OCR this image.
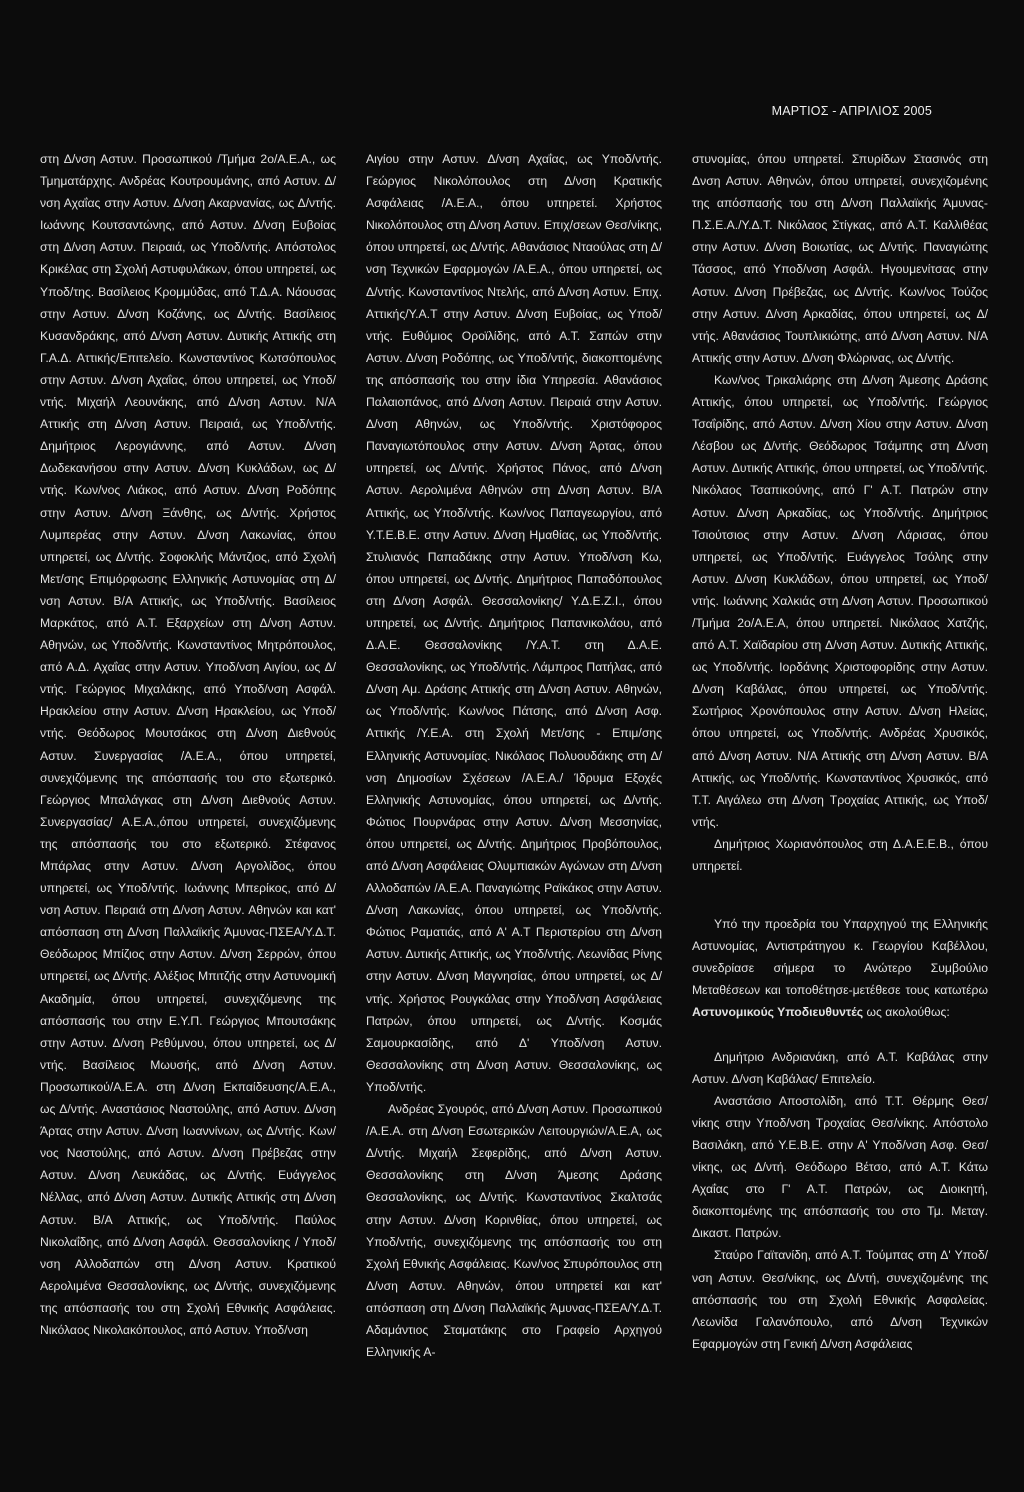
ΜΑΡΤΙΟΣ - ΑΠΡΙΛΙΟΣ 2005

στη Δ/νση Αστυν. Προσωπικού /Τμήμα 2ο/Α.Ε.Α., ως Τμηματάρχης. Ανδρέας Κουτρουμάνης, από Αστυν. Δ/νση Αχαΐας στην Αστυν. Δ/νση Ακαρνανίας, ως Δ/ντής. Ιωάννης Κουτσαντώνης, από Αστυν. Δ/νση Ευβοίας στη Δ/νση Αστυν. Πειραιά, ως Υποδ/ντής. Απόστολος Κρικέλας στη Σχολή Αστυφυλάκων, όπου υπηρετεί, ως Υποδ/της. Βασίλειος Κρομμύδας, από Τ.Δ.Α. Νάουσας στην Αστυν. Δ/νση Κοζάνης, ως Δ/ντής. Βασίλειος Κυσανδράκης, από Δ/νση Αστυν. Δυτικής Αττικής στη Γ.Α.Δ. Αττικής/Επιτελείο. Κωνσταντίνος Κωτσόπουλος στην Αστυν. Δ/νση Αχαΐας, όπου υπηρετεί, ως Υποδ/ντής. Μιχαήλ Λεουνάκης, από Δ/νση Αστυν. Ν/Α Αττικής στη Δ/νση Αστυν. Πειραιά, ως Υποδ/ντής. Δημήτριος Λερογιάννης, από Αστυν. Δ/νση Δωδεκανήσου στην Αστυν. Δ/νση Κυκλάδων, ως Δ/ντής. Κων/νος Λιάκος, από Αστυν. Δ/νση Ροδόπης στην Αστυν. Δ/νση Ξάνθης, ως Δ/ντής. Χρήστος Λυμπερέας στην Αστυν. Δ/νση Λακωνίας, όπου υπηρετεί, ως Δ/ντής. Σοφοκλής Μάντζιος, από Σχολή Μετ/σης Επιμόρφωσης Ελληνικής Αστυνομίας στη Δ/νση Αστυν. Β/Α Αττικής, ως Υποδ/ντής. Βασίλειος Μαρκάτος, από Α.Τ. Εξαρχείων στη Δ/νση Αστυν. Αθηνών, ως Υποδ/ντής. Κωνσταντίνος Μητρόπουλος, από Α.Δ. Αχαΐας στην Αστυν. Υποδ/νση Αιγίου, ως Δ/ντής. Γεώργιος Μιχαλάκης, από Υποδ/νση Ασφάλ. Ηρακλείου στην Αστυν. Δ/νση Ηρακλείου, ως Υποδ/ντής. Θεόδωρος Μουτσάκος στη Δ/νση Διεθνούς Αστυν. Συνεργασίας /Α.Ε.Α., όπου υπηρετεί, συνεχιζόμενης της απόσπασής του στο εξωτερικό. Γεώργιος Μπαλάγκας στη Δ/νση Διεθνούς Αστυν. Συνεργασίας/ Α.Ε.Α.,όπου υπηρετεί, συνεχιζόμενης της απόσπασής του στο εξωτερικό. Στέφανος Μπάρλας στην Αστυν. Δ/νση Αργολίδος, όπου υπηρετεί, ως Υποδ/ντής. Ιωάννης Μπερίκος, από Δ/νση Αστυν. Πειραιά στη Δ/νση Αστυν. Αθηνών και κατ' απόσπαση στη Δ/νση Παλλαϊκής Άμυνας-ΠΣΕΑ/Υ.Δ.Τ. Θεόδωρος Μπίζιος στην Αστυν. Δ/νση Σερρών, όπου υπηρετεί, ως Δ/ντής. Αλέξιος Μπιτζής στην Αστυνομική Ακαδημία, όπου υπηρετεί, συνεχιζόμενης της απόσπασής του στην Ε.Υ.Π. Γεώργιος Μπουτσάκης στην Αστυν. Δ/νση Ρεθύμνου, όπου υπηρετεί, ως Δ/ντής. Βασίλειος Μωυσής, από Δ/νση Αστυν. Προσωπικού/Α.Ε.Α. στη Δ/νση Εκπαίδευσης/Α.Ε.Α., ως Δ/ντής. Αναστάσιος Ναστούλης, από Αστυν. Δ/νση Άρτας στην Αστυν. Δ/νση Ιωαννίνων, ως Δ/ντής. Κων/νος Ναστούλης, από Αστυν. Δ/νση Πρέβεζας στην Αστυν. Δ/νση Λευκάδας, ως Δ/ντής. Ευάγγελος Νέλλας, από Δ/νση Αστυν. Δυτικής Αττικής στη Δ/νση Αστυν. Β/Α Αττικής, ως Υποδ/ντής. Παύλος Νικολαΐδης, από Δ/νση Ασφάλ. Θεσσαλονίκης / Υποδ/νση Αλλοδαπών στη Δ/νση Αστυν. Κρατικού Αερολιμένα Θεσσαλονίκης, ως Δ/ντής, συνεχιζόμενης της απόσπασής του στη Σχολή Εθνικής Ασφάλειας. Νικόλαος Νικολακόπουλος, από Αστυν. Υποδ/νση

Αιγίου στην Αστυν. Δ/νση Αχαΐας, ως Υποδ/ντής. Γεώργιος Νικολόπουλος στη Δ/νση Κρατικής Ασφάλειας /Α.Ε.Α., όπου υπηρετεί. Χρήστος Νικολόπουλος στη Δ/νση Αστυν. Επιχ/σεων Θεσ/νίκης, όπου υπηρετεί, ως Δ/ντής. Αθανάσιος Νταούλας στη Δ/νση Τεχνικών Εφαρμογών /Α.Ε.Α., όπου υπηρετεί, ως Δ/ντής. Κωνσταντίνος Ντελής, από Δ/νση Αστυν. Επιχ. Αττικής/Υ.Α.Τ στην Αστυν. Δ/νση Ευβοίας, ως Υποδ/ντής. Ευθύμιος Οροϊλίδης, από Α.Τ. Σαπών στην Αστυν. Δ/νση Ροδόπης, ως Υποδ/ντής, διακοπτομένης της απόσπασής του στην ίδια Υπηρεσία. Αθανάσιος Παλαιοπάνος, από Δ/νση Αστυν. Πειραιά στην Αστυν. Δ/νση Αθηνών, ως Υποδ/ντής. Χριστόφορος Παναγιωτόπουλος στην Αστυν. Δ/νση Άρτας, όπου υπηρετεί, ως Δ/ντής. Χρήστος Πάνος, από Δ/νση Αστυν. Αερολιμένα Αθηνών στη Δ/νση Αστυν. Β/Α Αττικής, ως Υποδ/ντής. Κων/νος Παπαγεωργίου, από Υ.Τ.Ε.Β.Ε. στην Αστυν. Δ/νση Ημαθίας, ως Υποδ/ντής. Στυλιανός Παπαδάκης στην Αστυν. Υποδ/νση Κω, όπου υπηρετεί, ως Δ/ντής. Δημήτριος Παπαδόπουλος στη Δ/νση Ασφάλ. Θεσσαλονίκης/ Υ.Δ.Ε.Ζ.Ι., όπου υπηρετεί, ως Δ/ντής. Δημήτριος Παπανικολάου, από Δ.Α.Ε. Θεσσαλονίκης /Υ.Α.Τ. στη Δ.Α.Ε. Θεσσαλονίκης, ως Υποδ/ντής. Λάμπρος Πατήλας, από Δ/νση Αμ. Δράσης Αττικής στη Δ/νση Αστυν. Αθηνών, ως Υποδ/ντής. Κων/νος Πάτσης, από Δ/νση Ασφ. Αττικής /Υ.Ε.Α. στη Σχολή Μετ/σης - Επιμ/σης Ελληνικής Αστυνομίας. Νικόλαος Πολυουδάκης στη Δ/νση Δημοσίων Σχέσεων /Α.Ε.Α./ Ίδρυμα Εξοχές Ελληνικής Αστυνομίας, όπου υπηρετεί, ως Δ/ντής. Φώτιος Πουρνάρας στην Αστυν. Δ/νση Μεσσηνίας, όπου υπηρετεί, ως Δ/ντής. Δημήτριος Προβόπουλος, από Δ/νση Ασφάλειας Ολυμπιακών Αγώνων στη Δ/νση Αλλοδαπών /Α.Ε.Α. Παναγιώτης Ραϊκάκος στην Αστυν. Δ/νση Λακωνίας, όπου υπηρετεί, ως Υποδ/ντής. Φώτιος Ραματιάς, από Α' Α.Τ Περιστερίου στη Δ/νση Αστυν. Δυτικής Αττικής, ως Υποδ/ντής. Λεωνίδας Ρίνης στην Αστυν. Δ/νση Μαγνησίας, όπου υπηρετεί, ως Δ/ντής. Χρήστος Ρουγκάλας στην Υποδ/νση Ασφάλειας Πατρών, όπου υπηρετεί, ως Δ/ντής. Κοσμάς Σαμουρκασίδης, από Δ' Υποδ/νση Αστυν. Θεσσαλονίκης στη Δ/νση Αστυν. Θεσσαλονίκης, ως Υποδ/ντής.

Ανδρέας Σγουρός, από Δ/νση Αστυν. Προσωπικού /Α.Ε.Α. στη Δ/νση Εσωτερικών Λειτουργιών/Α.Ε.Α, ως Δ/ντής. Μιχαήλ Σεφερίδης, από Δ/νση Αστυν. Θεσσαλονίκης στη Δ/νση Άμεσης Δράσης Θεσσαλονίκης, ως Δ/ντής. Κωνσταντίνος Σκαλτσάς στην Αστυν. Δ/νση Κορινθίας, όπου υπηρετεί, ως Υποδ/ντής, συνεχιζόμενης της απόσπασής του στη Σχολή Εθνικής Ασφάλειας. Κων/νος Σπυρόπουλος στη Δ/νση Αστυν. Αθηνών, όπου υπηρετεί και κατ' απόσπαση στη Δ/νση Παλλαϊκής Άμυνας-ΠΣΕΑ/Υ.Δ.Τ. Αδαμάντιος Σταματάκης στο Γραφείο Αρχηγού Ελληνικής Α-

στυνομίας, όπου υπηρετεί. Σπυρίδων Στασινός στη Δνση Αστυν. Αθηνών, όπου υπηρετεί, συνεχιζομένης της απόσπασής του στη Δ/νση Παλλαϊκής Άμυνας- Π.Σ.Ε.Α./Υ.Δ.Τ. Νικόλαος Στίγκας, από Α.Τ. Καλλιθέας στην Αστυν. Δ/νση Βοιωτίας, ως Δ/ντής. Παναγιώτης Τάσσος, από Υποδ/νση Ασφάλ. Ηγουμενίτσας στην Αστυν. Δ/νση Πρέβεζας, ως Δ/ντής. Κων/νος Τούζος στην Αστυν. Δ/νση Αρκαδίας, όπου υπηρετεί, ως Δ/ντής. Αθανάσιος Τουπλικιώτης, από Δ/νση Αστυν. Ν/Α Αττικής στην Αστυν. Δ/νση Φλώρινας, ως Δ/ντής.

Κων/νος Τρικαλιάρης στη Δ/νση Άμεσης Δράσης Αττικής, όπου υπηρετεί, ως Υποδ/ντής. Γεώργιος Τσαΐρίδης, από Αστυν. Δ/νση Χίου στην Αστυν. Δ/νση Λέσβου ως Δ/ντής. Θεόδωρος Τσάμπης στη Δ/νση Αστυν. Δυτικής Αττικής, όπου υπηρετεί, ως Υποδ/ντής. Νικόλαος Τσαπικούνης, από Γ' Α.Τ. Πατρών στην Αστυν. Δ/νση Αρκαδίας, ως Υποδ/ντής. Δημήτριος Τσιούτσιος στην Αστυν. Δ/νση Λάρισας, όπου υπηρετεί, ως Υποδ/ντής. Ευάγγελος Τσόλης στην Αστυν. Δ/νση Κυκλάδων, όπου υπηρετεί, ως Υποδ/ντής. Ιωάννης Χαλκιάς στη Δ/νση Αστυν. Προσωπικού /Τμήμα 2ο/Α.Ε.Α, όπου υπηρετεί. Νικόλαος Χατζής, από Α.Τ. Χαϊδαρίου στη Δ/νση Αστυν. Δυτικής Αττικής, ως Υποδ/ντής. Ιορδάνης Χριστοφορίδης στην Αστυν. Δ/νση Καβάλας, όπου υπηρετεί, ως Υποδ/ντής. Σωτήριος Χρονόπουλος στην Αστυν. Δ/νση Ηλείας, όπου υπηρετεί, ως Υποδ/ντής. Ανδρέας Χρυσικός, από Δ/νση Αστυν. Ν/Α Αττικής στη Δ/νση Αστυν. Β/Α Αττικής, ως Υποδ/ντής. Κωνσταντίνος Χρυσικός, από Τ.Τ. Αιγάλεω στη Δ/νση Τροχαίας Αττικής, ως Υποδ/ντής.

Δημήτριος Χωριανόπουλος στη Δ.Α.Ε.Ε.Β., όπου υπηρετεί.

Υπό την προεδρία του Υπαρχηγού της Ελληνικής Αστυνομίας, Αντιστράτηγου κ. Γεωργίου Καβέλλου, συνεδρίασε σήμερα το Ανώτερο Συμβούλιο Μεταθέσεων και τοποθέτησε-μετέθεσε τους κατωτέρω Αστυνομικούς Υποδιευθυντές ως ακολούθως:

Δημήτριο Ανδριανάκη, από Α.Τ. Καβάλας στην Αστυν. Δ/νση Καβάλας/ Επιτελείο.

Αναστάσιο Αποστολίδη, από Τ.Τ. Θέρμης Θεσ/νίκης στην Υποδ/νση Τροχαίας Θεσ/νίκης. Απόστολο Βασιλάκη, από Υ.Ε.Β.Ε. στην Α' Υποδ/νση Ασφ. Θεσ/νίκης, ως Δ/ντή. Θεόδωρο Βέτσο, από Α.Τ. Κάτω Αχαΐας στο Γ' Α.Τ. Πατρών, ως Διοικητή, διακοπτομένης της απόσπασής του στο Τμ. Μεταγ. Δικαστ. Πατρών.

Σταύρο Γαϊτανίδη, από Α.Τ. Τούμπας στη Δ' Υποδ/νση Αστυν. Θεσ/νίκης, ως Δ/ντή, συνεχιζομένης της απόσπασής του στη Σχολή Εθνικής Ασφαλείας. Λεωνίδα Γαλανόπουλο, από Δ/νση Τεχνικών Εφαρμογών στη Γενική Δ/νση Ασφάλειας
